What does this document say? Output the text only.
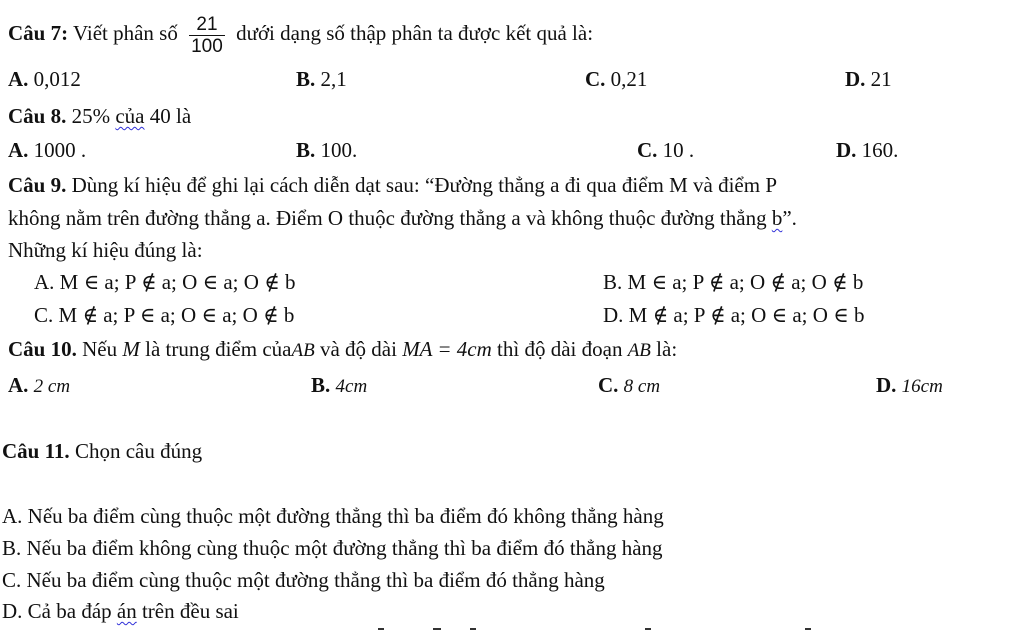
Câu 7: Viết phân số $\frac{21}{100}$ dưới dạng số thập phân ta được kết quả là:
A. 0,012	B. 2,1	C. 0,21	D. 21
Câu 8. 25% của 40 là
A. 1000 .	B. 100.	C. 10 .	D. 160.
Câu 9. Dùng kí hiệu để ghi lại cách diễn dạt sau: “Đường thẳng a đi qua điểm M và điểm P
không nằm trên đường thẳng a. Điểm O thuộc đường thẳng a và không thuộc đường thẳng b”.
Những kí hiệu đúng là:
A. M ∈ a; P ∉ a; O ∈ a; O ∉ b	B. M ∈ a; P ∉ a; O ∉ a; O ∉ b
C. M ∉ a; P ∈ a; O ∈ a; O ∉ b	D. M ∉ a; P ∉ a; O ∈ a; O ∈ b
Câu 10. Nếu M là trung điểm củaAB và độ dài MA = 4cm thì độ dài đoạn AB là:
A. 2 cm	B. 4cm	C. 8 cm	D. 16cm
Câu 11. Chọn câu đúng
A. Nếu ba điểm cùng thuộc một đường thẳng thì ba điểm đó không thẳng hàng
B. Nếu ba điểm không cùng thuộc một đường thẳng thì ba điểm đó thẳng hàng
C. Nếu ba điểm cùng thuộc một đường thẳng thì ba điểm đó thẳng hàng
D. Cả ba đáp án trên đều sai
